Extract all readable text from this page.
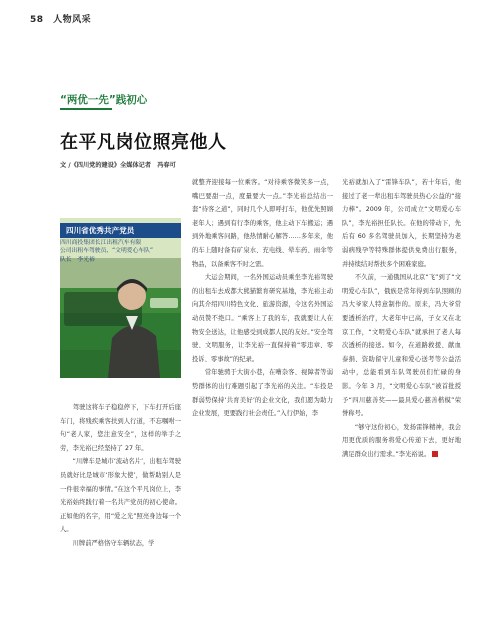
58 人物风采
“两优一先”践初心
在平凡岗位照亮他人
文 /《四川党的建设》全媒体记者　冯春可
四川省优秀共产党员
四川商投集团长江出租汽车有限
公司出租车驾驶员、“文明爱心车队”
队长　李光裕

　　驾驶这将车子稳稳停下，下车打开后座车门，将残疾乘客扶到人行道，不忘嘱咐一句“老人家，您注意安全”，这样的举手之劳，李光裕已经坚持了 27 年。

　　“川牌车是城市‘流动名片’，出租车驾驶员就好比是城市‘形象大使’，做帮助别人是一件很幸福的事情。”在这个平凡岗位上，李光裕始终践行着一名共产党员的初心使命。正如他的名字，用“爱之光”照亮身边每一个人。

　　川牌前严格恪守车辆状态，学

就整齐迎接每一位乘客。“对待乘客微笑多一点，嘴巴要甜一点，度量要大一点。”李光裕总结出一套“待客之道”，同时几个人即呼打车，他优先照顾老年人；遇到有行李的乘客，他主动下车搬运；遇到外地乘客问路，他热情耐心解答……多年来，他的车上随时备有矿泉水、充电线、晕车药、雨伞等物品，以备乘客不时之需。

　　大运会期间，一名外国运动员乘坐李光裕驾驶的出租车去成都大熊猫繁育研究基地，李光裕主动向其介绍四川特色文化、旅游资源，令这名外国运动员赞不绝口。“乘客上了我的车，我就要让人在物安全送达，让他感受到成都人民的友好。”安全驾驶、文明服务，让李光裕一直保持着“零违章、零投诉、零事故”的纪录。

　　常年驰骋于大街小巷，在嘈杂客、视障者等弱势群体的出行难题引起了李光裕的关注。“车投是群弱势保持‘共育美好’的企业文化，我们愿为助力企业发展，更要践行社会责任。”入行伊始，李

光裕就加入了“雷锋车队”，若十年后，他接过了老一辈出租车驾驶员热心公益的“接力棒”。2009 年，公司成立“文明爱心车队”，李光裕担任队长。在他的带动下，先后有 60 多名驾驶员加入，长期坚持为老弱病残孕等特殊群体提供免费出行服务，并持续结对帮扶多个困难家庭。

　　不久前，一通俄国从北京“飞”到了“文明爱心车队”，俄族是常年得到车队照顾的冯大爷家人特意制作的。原来，冯大爷常要透析治疗，大老年中已高，子女又在北京工作，“文明爱心车队”就承担了老人每次透析的接送。如今，在道路救援、献血泰捐、资助留守儿童和爱心送考等公益活动中，总能看到车队驾驶员们忙碌的身影。今年 3 月，“文明爱心车队”被首批授予“四川慈善奖——最具爱心慈善楷模”荣誉称号。

　　“够守这份初心，发扬雷锋精神，我会用更优质的服务将爱心传递下去，更好地满足群众出行需求。”李光裕说。
